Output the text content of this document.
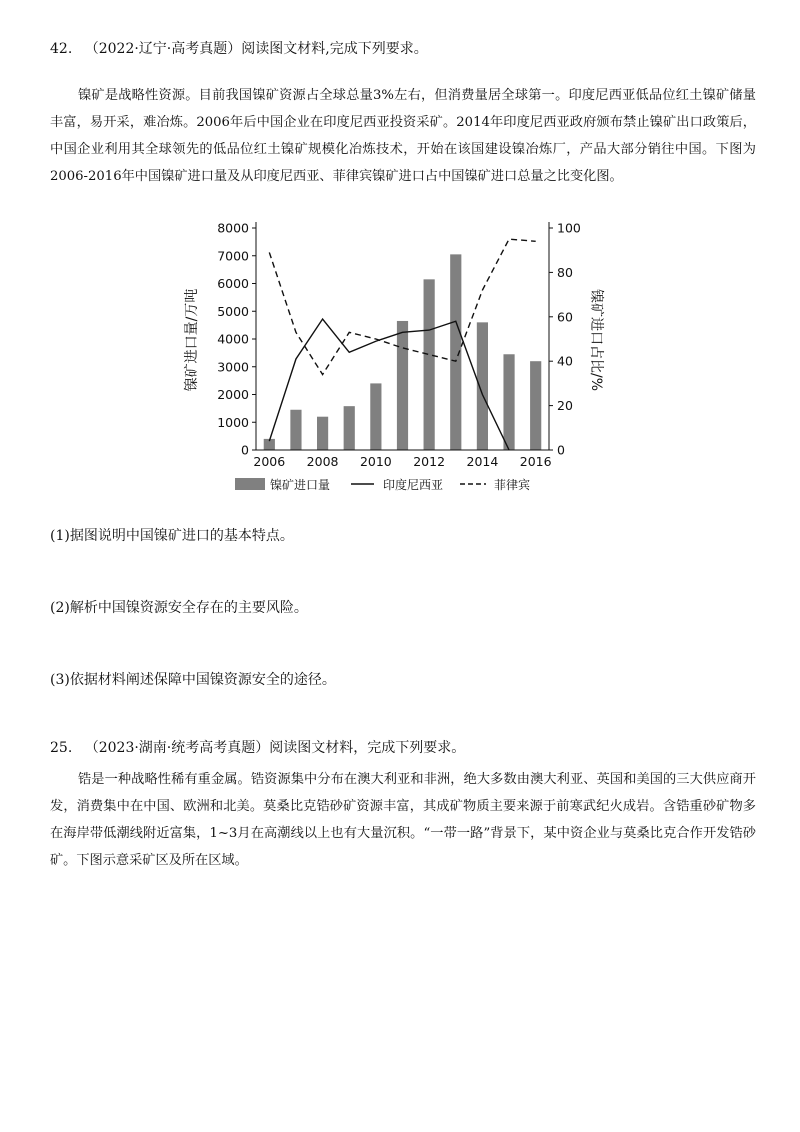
42. （2022·辽宁·高考真题）阅读图文材料,完成下列要求。

镍矿是战略性资源。目前我国镍矿资源占全球总量3%左右，但消费量居全球第一。印度尼西亚低品位红土镍矿储量丰富，易开采，难冶炼。2006年后中国企业在印度尼西亚投资采矿。2014年印度尼西亚政府颁布禁止镍矿出口政策后，中国企业利用其全球领先的低品位红土镍矿规模化冶炼技术，开始在该国建设镍冶炼厂，产品大部分销往中国。下图为2006-2016年中国镍矿进口量及从印度尼西亚、菲律宾镍矿进口占中国镍矿进口总量之比变化图。

0
1000
2000
3000
4000
5000
6000
7000
8000
0
20
40
60
80
100
2006 2008 2010 2012 2014 2016
镍矿进口量/万吨	镍矿进口占比/%
镍矿进口量	印度尼西亚	菲律宾
(1)据图说明中国镍矿进口的基本特点。
(2)解析中国镍资源安全存在的主要风险。
(3)依据材料阐述保障中国镍资源安全的途径。
25. （2023·湖南·统考高考真题）阅读图文材料，完成下列要求。

锆是一种战略性稀有重金属。锆资源集中分布在澳大利亚和非洲，绝大多数由澳大利亚、英国和美国的三大供应商开发，消费集中在中国、欧洲和北美。莫桑比克锆砂矿资源丰富，其成矿物质主要来源于前寒武纪火成岩。含锆重砂矿物多在海岸带低潮线附近富集，1~3月在高潮线以上也有大量沉积。“一带一路”背景下，某中资企业与莫桑比克合作开发锆砂矿。下图示意采矿区及所在区域。
